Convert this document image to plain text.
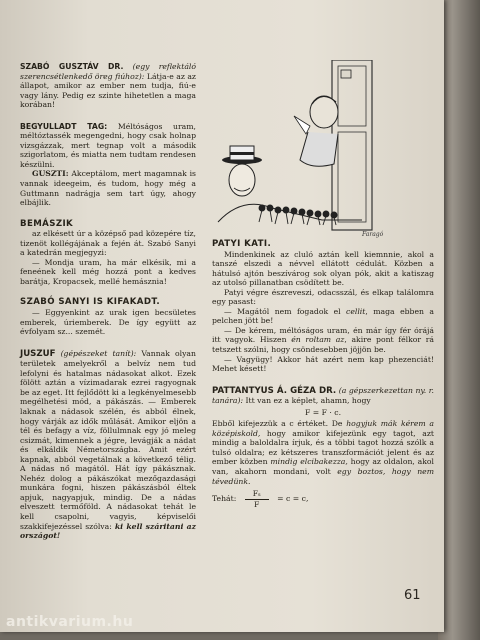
SZABÓ GUSZTÁV DR. (egy reflektáló szerencsétlenkedő öreg fiúhoz): Látja-e az az állapot, amikor az ember nem tudja, fiú-e vagy lány. Pedig ez szinte hihetetlen a maga korában!
BEGYULLADT TAG: Méltóságos uram, méltóztassék megengedni, hogy csak holnap vizsgázzak, mert tegnap volt a második szigorlatom, és miatta nem tudtam rendesen készülni.
GUSZTI: Akceptálom, mert magamnak is vannak ideegeim, és tudom, hogy még a Guttmann nadrágja sem tart úgy, ahogy elbájlik.
BEMÁSZIK
az elkésett úr a középső pad közepére tíz, tizenöt kollégájának a fején át. Szabó Sanyi a katedrán megjegyzi:
— Mondja uram, ha már elkésik, mi a feneének kell még hozzá pont a kedves barátja, Kropacsek, mellé hemásznia!
SZABÓ SANYI IS KIFAKADT.
— Eggyenkint az urak igen becsületes emberek, úriemberek. De így együtt az évfolyam sz... szemét.
JUSZUF (gépészeket tanít): Vannak olyan területek amelyekről a belvíz nem tud lefolyni és hatalmas nádasokat alkot. Ezek fölött aztán a vízimadarak ezrei ragyognak be az eget. Itt fejlődött ki a legkényelmesebb megélhetési mód, a pákászás. — Emberek laknak a nádasok szélén, és abból élnek, hogy várják az idők műlását. Amikor eljön a tél és befagy a víz, föllulmnak egy jó meleg csizmát, kimennek a jégre, levágják a nádat és elkáldik Németországba. Amit ezért kapnak, abból vegetálnak a következő télig. A nádas nő magától. Hát így pákásznak. Nehéz dolog a pákászókat mezőgazdasági munkára fogni, hiszen pákászásból éltek apjuk, nagyapjuk, mindig. De a nádas elveszett termőföld. A nádasokat tehát le kell csapolni, vagyis, képviselői szakkifejezéssel szólva: ki kell száritani az országot!
Faragó
PATYI KATI.
Mindenkinek az cluló aztán kell kiemnnie, akol a tanszé elszedi a névvel ellátott cédulát. Közben a hátulsó ajtón beszívárog sok olyan pók, akit a katiszag az utolsó pillanatban csödített be.
Patyi végre észreveszi, odacsszál, és elkap találomra egy pasast:
— Magától nem fogadok el cellit, maga ebben a pelchen jött be!
— De kérem, méltóságos uram, én már így fér órájá itt vagyok. Hiszen én roltam az, akire pont félkor rá tetszett szólni, hogy csöndesebben jöjjön be.
— Vagyügy! Akkor hát azért nem kap phezenciát! Mehet késett!
PATTANTYUS Á. GÉZA DR. (a gépszerkezettan ny. r. tanára): Itt van ez a képlet, ahamn, hogy
F = F · c.
Ebből kifejezzük a c értéket. De hogyjuk mák kérem a középiskold, hogy amikor kifejezünk egy tagot, azt mindig a baloldalra írjuk, és a többi tagot hozzá szólk a tulsó oldalra; ez kétszeres transzformációt jelent és az ember közben mindig elcibakezza, hogy az oldalon, akol van, akahorn mondani, volt egy boztos, hogy nem tévedünk.
Tehát: $\frac{\text{Fₛ}}{F} = c = c$,
61
antikvarium.hu
